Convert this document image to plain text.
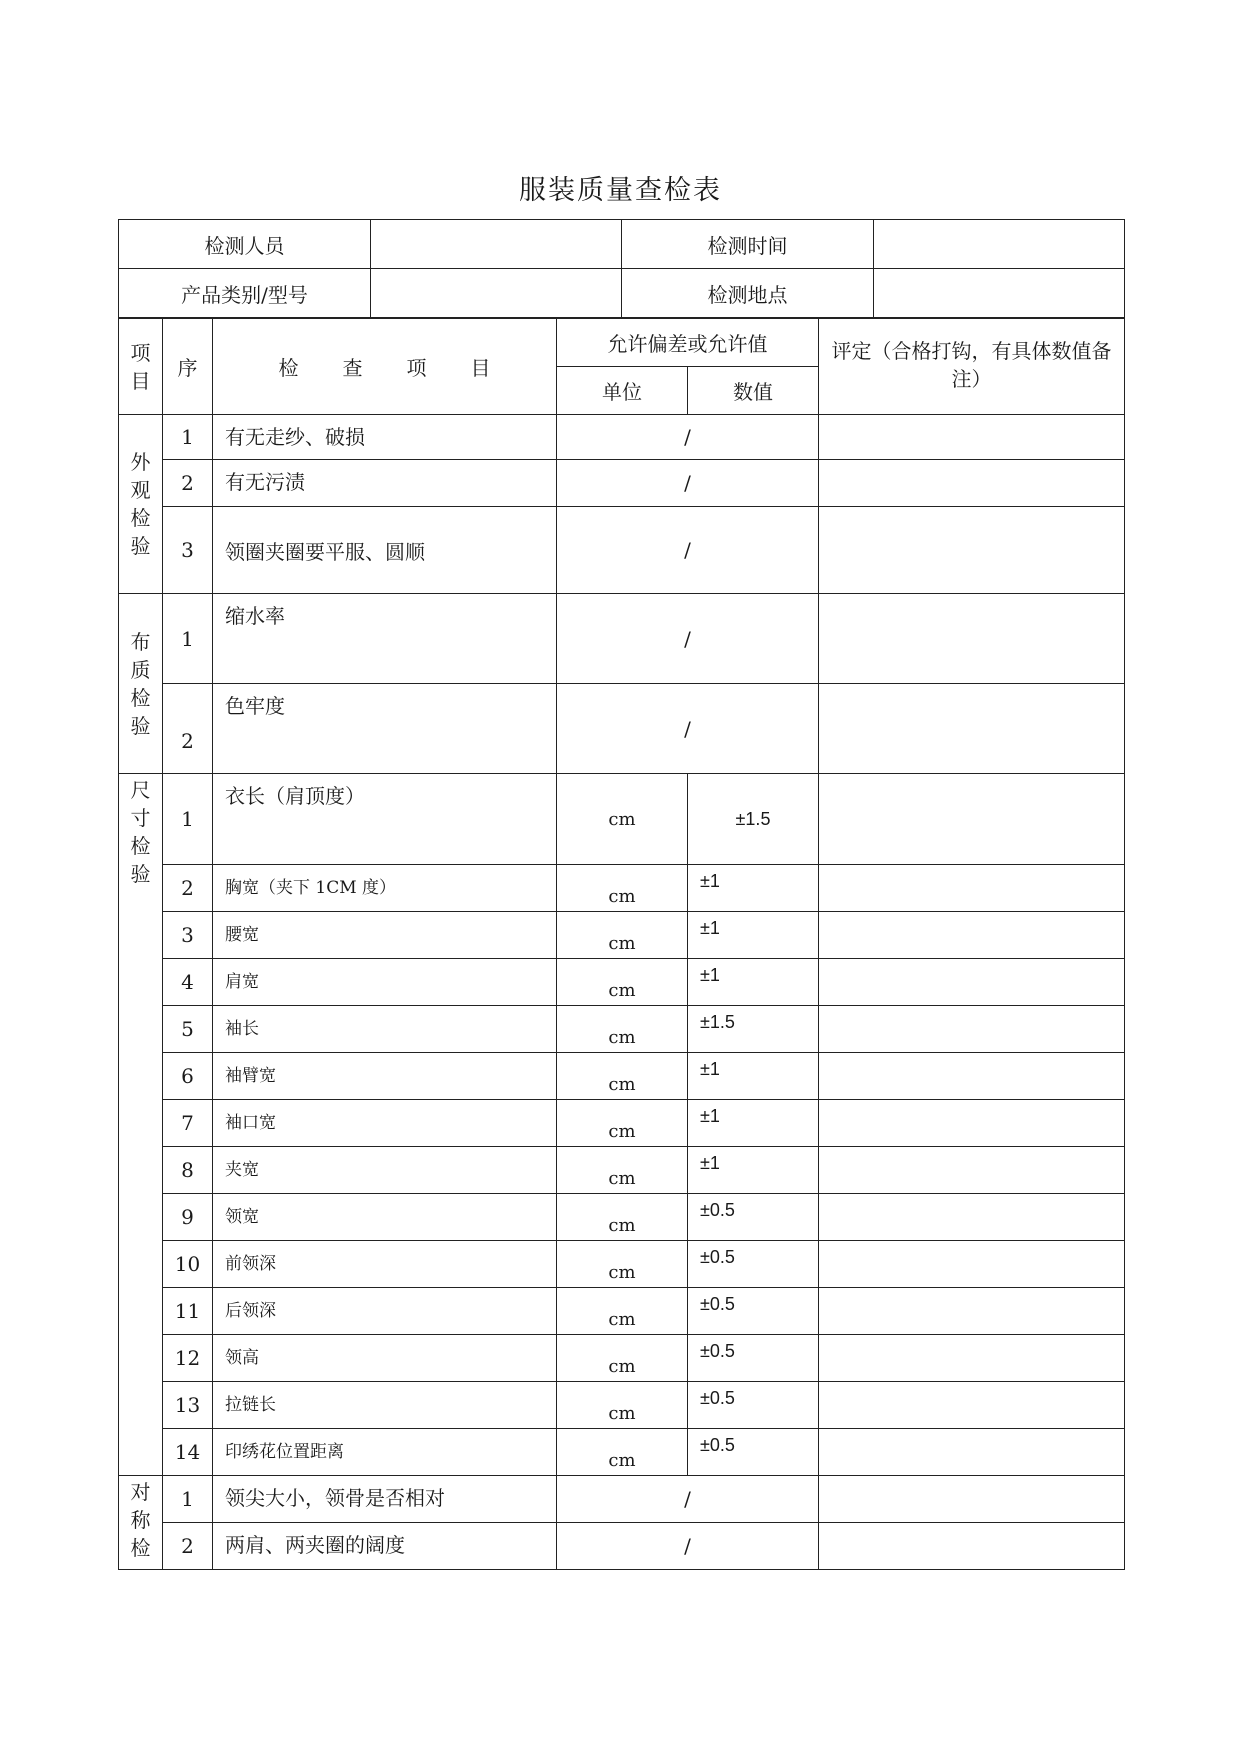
服装质量查检表
检测人员		检测时间	
产品类别/型号		检测地点	
项目	序	检查项目	允许偏差或允许值		评定（合格打钩，有具体数值备注）
			单位	数值	
外观检验	1	有无走纱、破损	/		
	2	有无污渍	/		
	3	领圈夹圈要平服、圆顺	/		
布质检验	1	缩水率	/		
	2	色牢度	/		
尺寸检验	1	衣长（肩顶度）	cm	±1.5	
	2	胸宽（夹下 1CM 度）	cm	±1	
	3	腰宽	cm	±1	
	4	肩宽	cm	±1	
	5	袖长	cm	±1.5	
	6	袖臂宽	cm	±1	
	7	袖口宽	cm	±1	
	8	夹宽	cm	±1	
	9	领宽	cm	±0.5	
	10	前领深	cm	±0.5	
	11	后领深	cm	±0.5	
	12	领高	cm	±0.5	
	13	拉链长	cm	±0.5	
	14	印绣花位置距离	cm	±0.5	
对称检	1	领尖大小，领骨是否相对	/		
	2	两肩、两夹圈的阔度	/		
